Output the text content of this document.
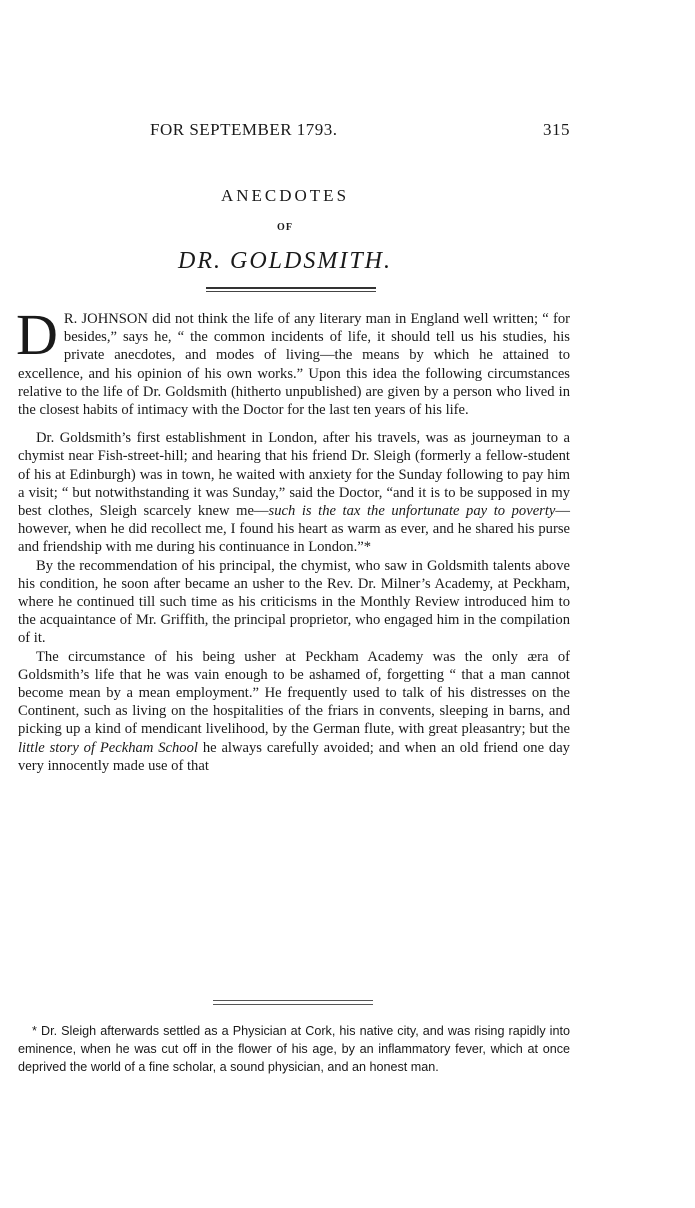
FOR SEPTEMBER 1793.	315
ANECDOTES
OF
DR. GOLDSMITH.

D R. JOHNSON did not think the life of any literary man in England well written; “ for besides,” says he, “ the common incidents of life, it should tell us his studies, his private anecdotes, and modes of living—the means by which he attained to excellence, and his opinion of his own works.” Upon this idea the following circumstances relative to the life of Dr. Goldsmith (hitherto unpublished) are given by a person who lived in the closest habits of intimacy with the Doctor for the last ten years of his life.

Dr. Goldsmith’s first establishment in London, after his travels, was as journeyman to a chymist near Fish-street-hill; and hearing that his friend Dr. Sleigh (formerly a fellow-student of his at Edinburgh) was in town, he waited with anxiety for the Sunday following to pay him a visit; “ but notwithstanding it was Sunday,” said the Doctor, “and it is to be supposed in my best clothes, Sleigh scarcely knew me—such is the tax the unfortunate pay to poverty—however, when he did recollect me, I found his heart as warm as ever, and he shared his purse and friendship with me during his continuance in London.”*

By the recommendation of his principal, the chymist, who saw in Goldsmith talents above his condition, he soon after became an usher to the Rev. Dr. Milner’s Academy, at Peckham, where he continued till such time as his criticisms in the Monthly Review introduced him to the acquaintance of Mr. Griffith, the principal proprietor, who engaged him in the compilation of it.

The circumstance of his being usher at Peckham Academy was the only æra of Goldsmith’s life that he was vain enough to be ashamed of, forgetting “ that a man cannot become mean by a mean employment.” He frequently used to talk of his distresses on the Continent, such as living on the hospitalities of the friars in convents, sleeping in barns, and picking up a kind of mendicant livelihood, by the German flute, with great pleasantry; but the little story of Peckham School he always carefully avoided; and when an old friend one day very innocently made use of that

* Dr. Sleigh afterwards settled as a Physician at Cork, his native city, and was rising rapidly into eminence, when he was cut off in the flower of his age, by an inflammatory fever, which at once deprived the world of a fine scholar, a sound physician, and an honest man.
